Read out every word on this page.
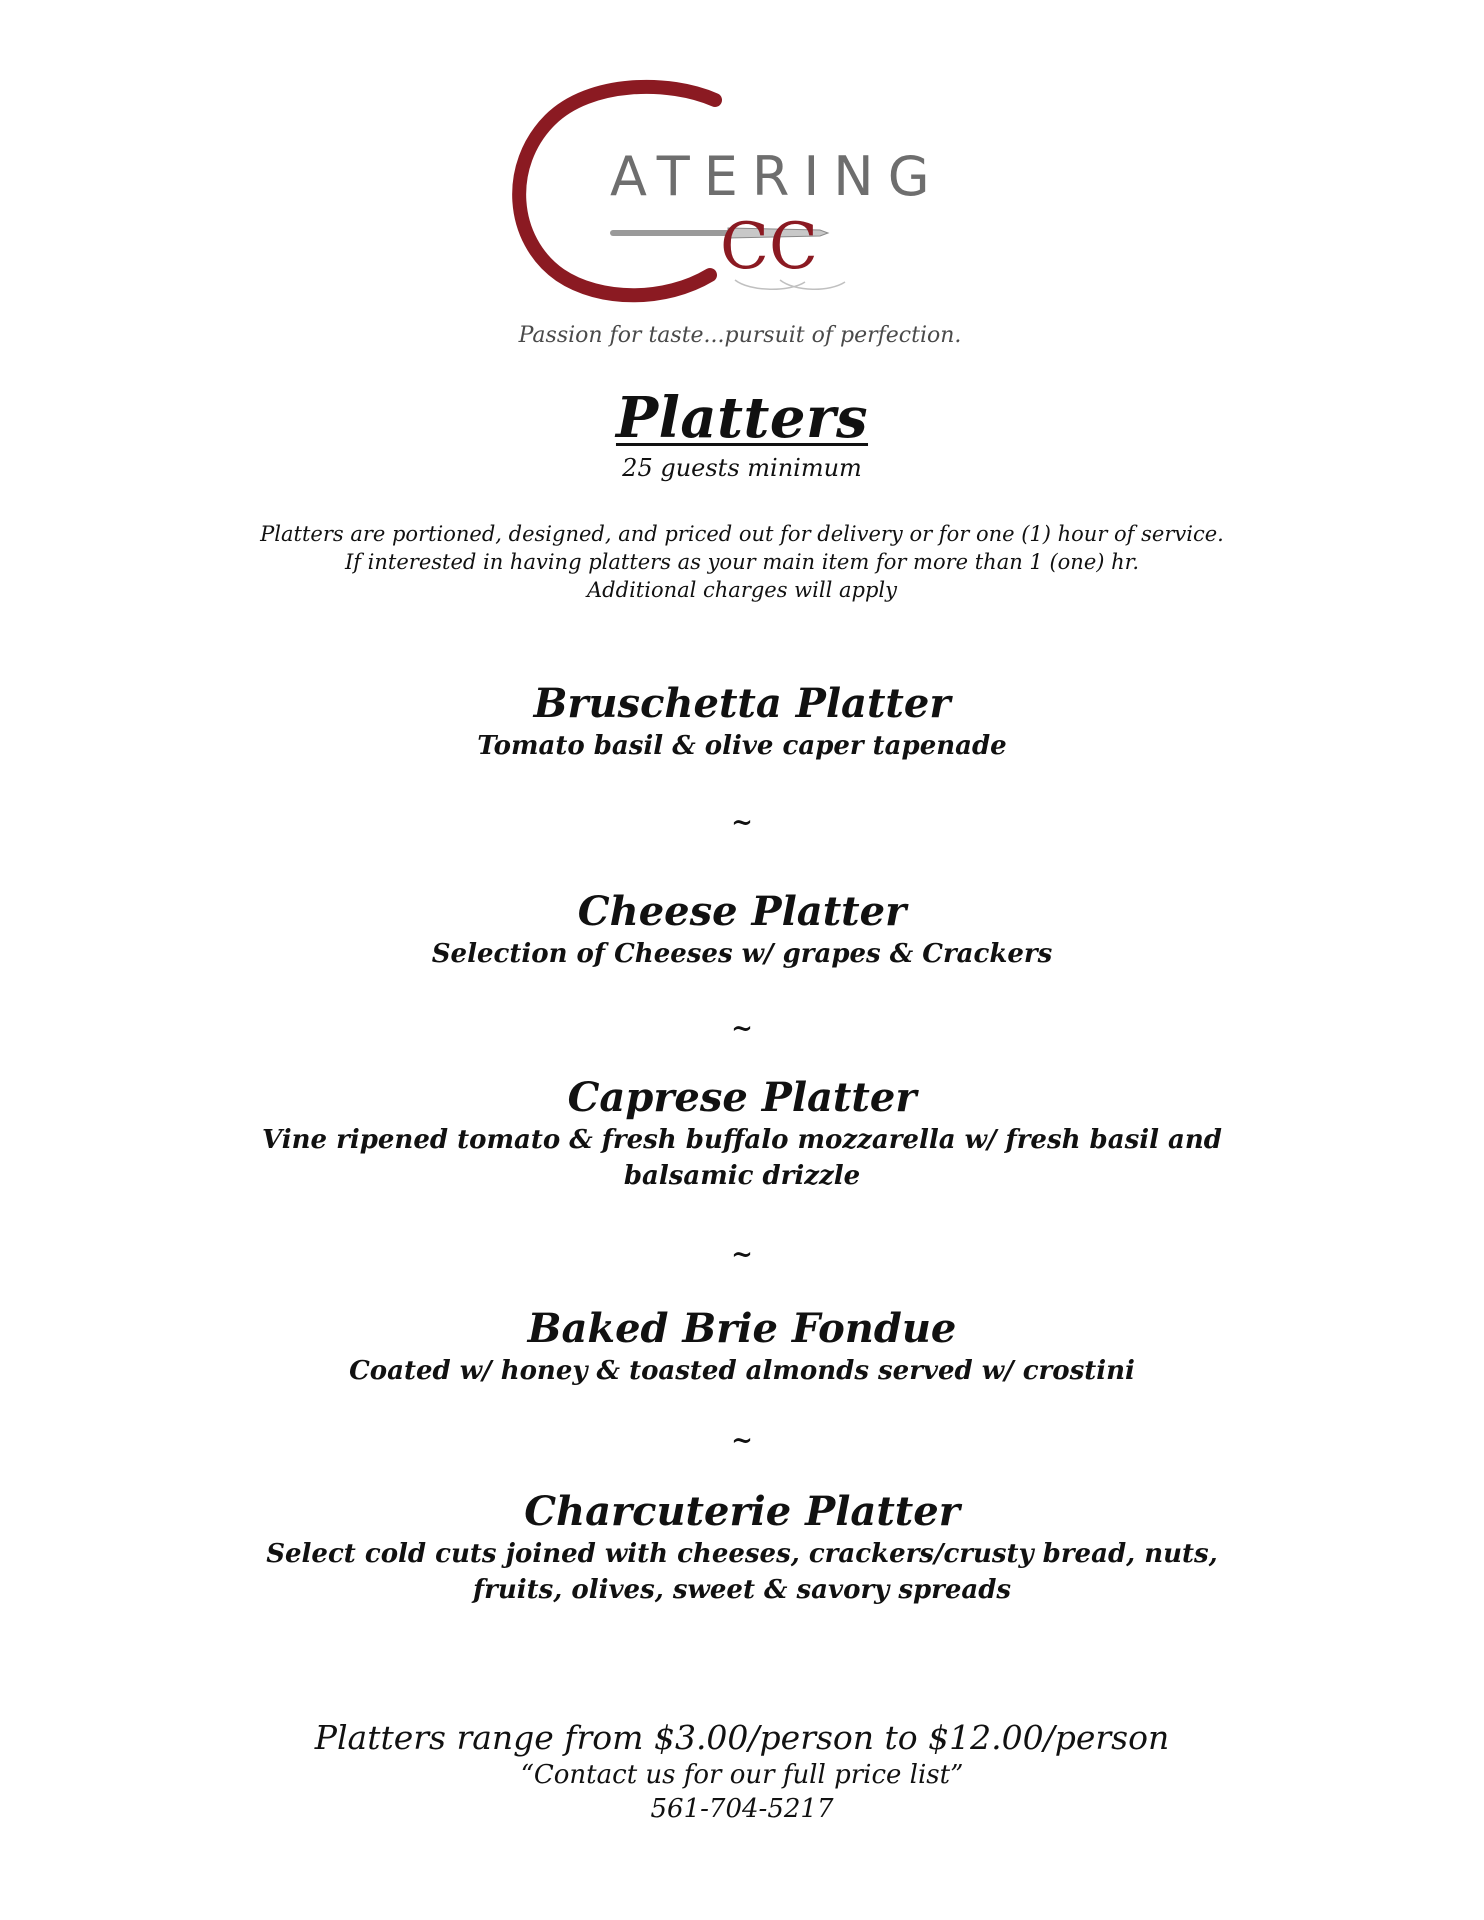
ATERING
CC
Passion for taste...pursuit of perfection.
Platters
25 guests minimum
Platters are portioned, designed, and priced out for delivery or for one (1) hour of service.
If interested in having platters as your main item for more than 1 (one) hr.
Additional charges will apply
Bruschetta Platter
Tomato basil & olive caper tapenade
~
Cheese Platter
Selection of Cheeses w/ grapes & Crackers
~
Caprese Platter
Vine ripened tomato & fresh buffalo mozzarella w/ fresh basil and balsamic drizzle
~
Baked Brie Fondue
Coated w/ honey & toasted almonds served w/ crostini
~
Charcuterie Platter
Select cold cuts joined with cheeses, crackers/crusty bread, nuts, fruits, olives, sweet & savory spreads
Platters range from $3.00/person to $12.00/person
“Contact us for our full price list”
561-704-5217
